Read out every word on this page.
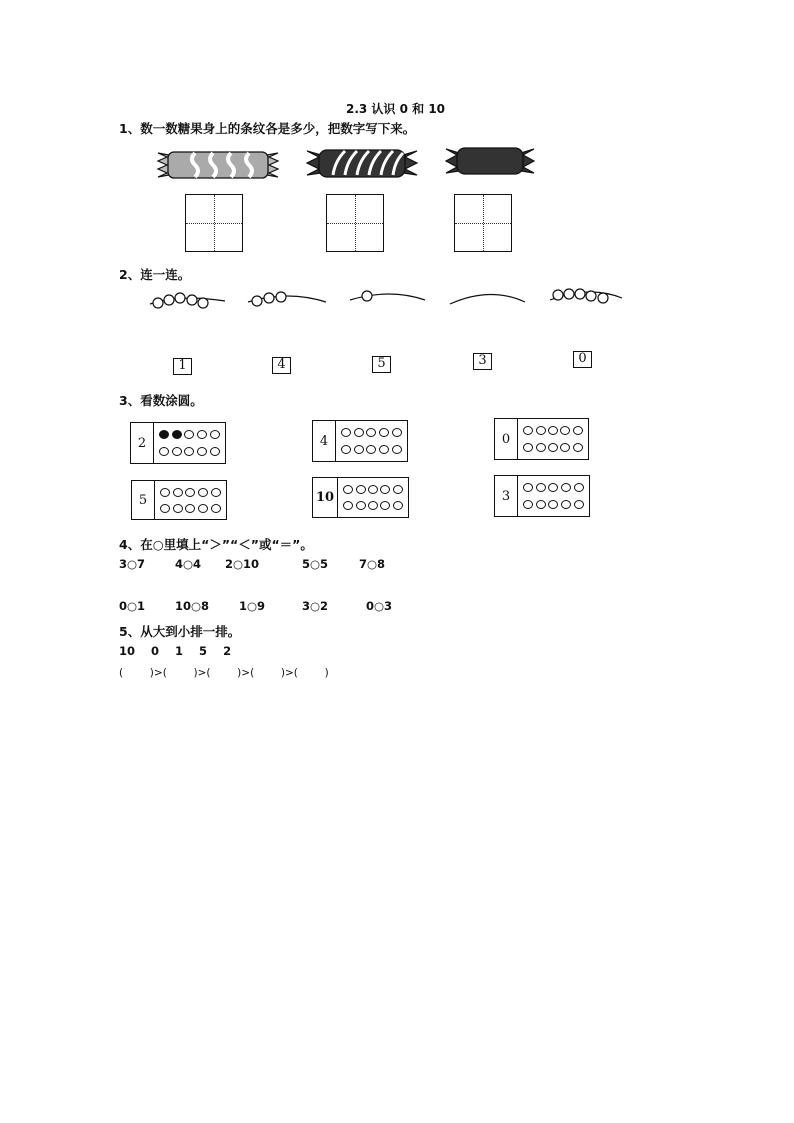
2.3 认识 0 和 10
1、数一数糖果身上的条纹各是多少，把数字写下来。
2、连一连。
1	4	5	3	0
3、看数涂圆。
2	4	0
5	10	3
4、在○里填上“＞”“＜”或“＝”。
3○7	4○4 2○10	5○5	7○8
0○1	10○8	1○9	3○2	0○3
5、从大到小排一排。
10    0    1    5    2
(        )>(        )>(        )>(        )>(        )
